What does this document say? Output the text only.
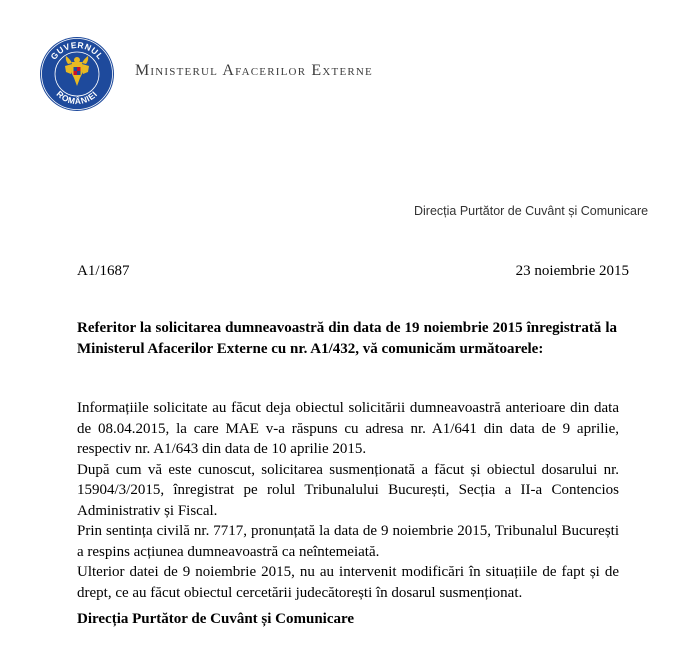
GUVERNUL
ROMÂNIEI
Ministerul Afacerilor Externe
Direcția Purtător de Cuvânt și Comunicare
A1/1687	23 noiembrie 2015
Referitor la solicitarea dumneavoastră din data de 19 noiembrie 2015 înregistrată la Ministerul Afacerilor Externe cu nr. A1/432, vă comunicăm următoarele:

Informațiile solicitate au făcut deja obiectul solicitării dumneavoastră anterioare din data de 08.04.2015, la care MAE v-a răspuns cu adresa nr. A1/641 din data de 9 aprilie, respectiv nr. A1/643 din data de 10 aprilie 2015.

După cum vă este cunoscut, solicitarea susmenționată a făcut și obiectul dosarului nr. 15904/3/2015, înregistrat pe rolul Tribunalului București, Secția a II-a Contencios Administrativ și Fiscal.

Prin sentința civilă nr. 7717, pronunțată la data de 9 noiembrie 2015, Tribunalul București a respins acțiunea dumneavoastră ca neîntemeiată.

Ulterior datei de 9 noiembrie 2015, nu au intervenit modificări în situațiile de fapt și de drept, ce au făcut obiectul cercetării judecătorești în dosarul susmenționat.

Direcția Purtător de Cuvânt și Comunicare
